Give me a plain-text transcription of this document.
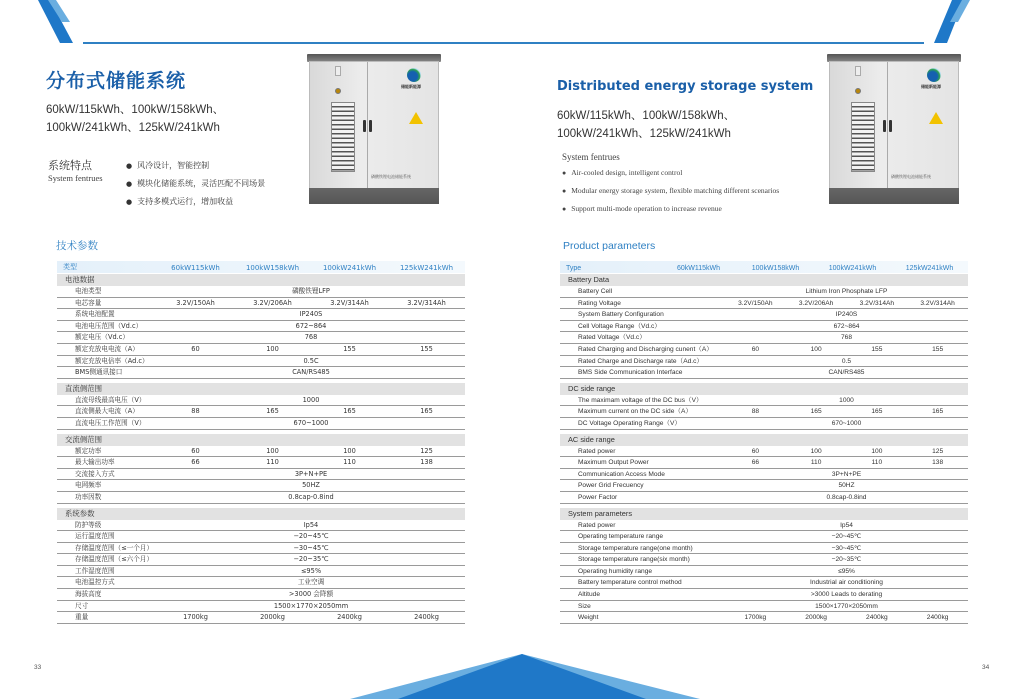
分布式储能系统
60kW/115kWh、100kW/158kWh、
100kW/241kWh、125kW/241kWh
系统特点
System fentrues
● 风冷设计，智能控制
● 模块化储能系统，灵活匹配不同场景
● 支持多模式运行，增加收益
储能新能源
磷酸铁锂电池储能系统
技术参数
类型	60kW115kWh	100kW158kWh	100kW241kWh	125kW241kWh
电池数据
电池类型	磷酸铁锂LFP
电芯容量	3.2V/150Ah	3.2V/206Ah	3.2V/314Ah	3.2V/314Ah
系统电池配置	IP240S
电池电压范围（Vd.c）	672~864
额定电压（Vd.c）	768
额定充放电电流（A）	60	100	155	155
额定充放电倍率（Ad.c）	0.5C
BMS侧通讯接口	CAN/RS485
直流侧范围
直流母线最高电压（V）	1000
直流侧最大电流（A）	88	165	165	165
直流电压工作范围（V）	670~1000
交流侧范围
额定功率	60	100	100	125
最大输出功率	66	110	110	138
交流接入方式	3P+N+PE
电网频率	50HZ
功率因数	0.8cap-0.8ind
系统参数
防护等级	Ip54
运行温度范围	−20~45℃
存储温度范围（≤一个月）	−30~45℃
存储温度范围（≤六个月）	−20~35℃
工作湿度范围	≤95%
电池温控方式	工业空调
海拔高度	>3000 会降额
尺寸	1500×1770×2050mm
重量	1700kg	2000kg	2400kg	2400kg
33
Distributed energy storage system
60kW/115kWh、100kW/158kWh、
100kW/241kWh、125kW/241kWh
System fentrues
● Air-cooled design, intelligent control
● Modular energy storage system, flexible matching different scenarios
● Support multi-mode operation to increase revenue
储能新能源
磷酸铁锂电池储能系统
Product parameters
Type	60kW115kWh	100kW158kWh	100kW241kWh	125kW241kWh
Battery Data
Battery Cell	Lithium Iron Phosphate LFP
Rating Voltage	3.2V/150Ah	3.2V/206Ah	3.2V/314Ah	3.2V/314Ah
System Battery Configuration	IP240S
Cell Voltage Range（Vd.c）	672~864
Rated Voltage（Vd.c）	768
Rated Charging and Discharging cunent（A）	60	100	155	155
Rated Charge and Discharge rate（Ad.c）	0.5
BMS Side Communication Interface	CAN/RS485
DC side range
The maximam voltage of the DC bus（V）	1000
Maximum current on the DC side（A）	88	165	165	165
DC Voltage Operating Range（V）	670~1000
AC side range
Rated power	60	100	100	125
Maximum Output Power	66	110	110	138
Communication Access Mode	3P+N+PE
Power Grid Frecuency	50HZ
Power Factor	0.8cap-0.8ind
System parameters
Rated power	Ip54
Operating temperature range	−20~45℃
Storage temperature range(one month)	−30~45℃
Storage temperature range(six month)	−20~35℃
Operating humidity range	≤95%
Battery temperature control method	Industrial air conditioning
Altitude	>3000 Leads to derating
Size	1500×1770×2050mm
Weight	1700kg	2000kg	2400kg	2400kg
34
